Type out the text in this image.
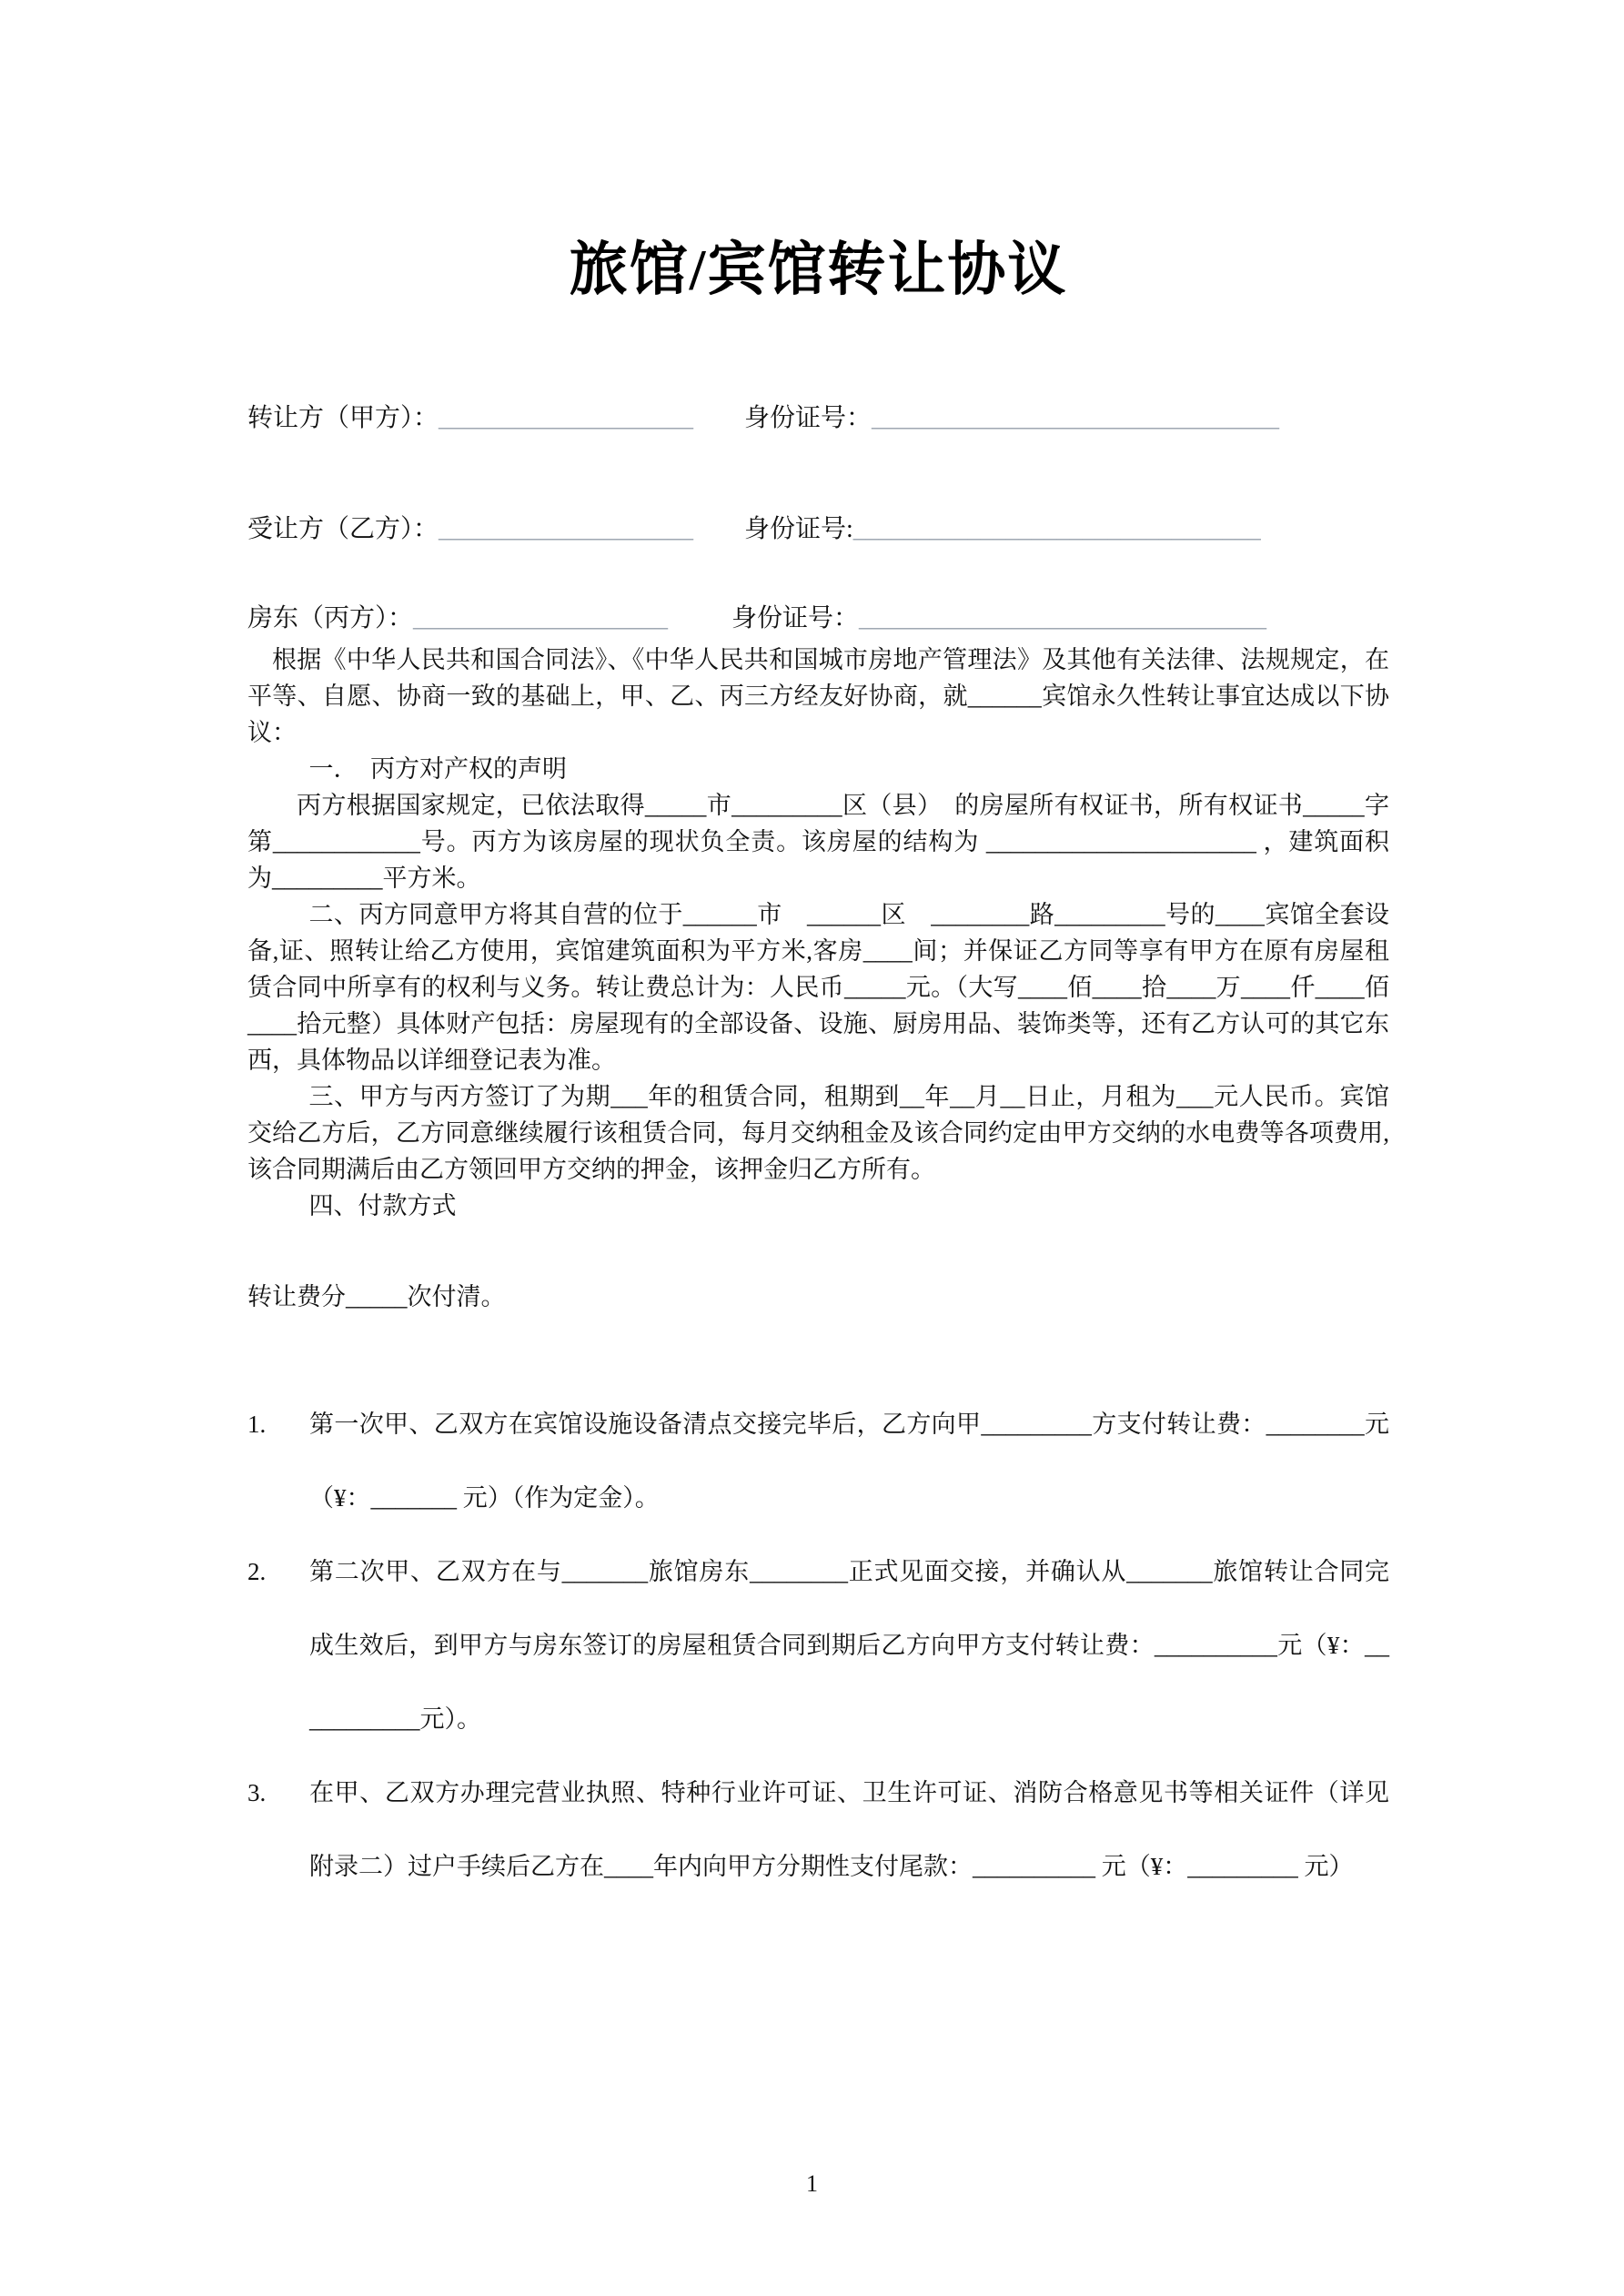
旅馆/宾馆转让协议
转让方（甲方）：____________________ 身份证号：________________________________
受让方（乙方）：____________________ 身份证号:________________________________
房东（丙方）：____________________	身份证号：________________________________

根据《中华人民共和国合同法》、《中华人民共和国城市房地产管理法》及其他有关法律、法规规定，在平等、自愿、协商一致的基础上，甲、乙、丙三方经友好协商，就______宾馆永久性转让事宜达成以下协议：

一．　丙方对产权的声明

丙方根据国家规定，已依法取得_____市_________区（县）　的房屋所有权证书，所有权证书_____字第____________号。丙方为该房屋的现状负全责。该房屋的结构为 ______________________ ，建筑面积为_________平方米。

二、丙方同意甲方将其自营的位于______市　______区　________路_________号的____宾馆全套设备,证、照转让给乙方使用，宾馆建筑面积为平方米,客房____间；并保证乙方同等享有甲方在原有房屋租赁合同中所享有的权利与义务。转让费总计为：人民币_____元。（大写____佰____拾____万____仟____佰____拾元整）具体财产包括：房屋现有的全部设备、设施、厨房用品、装饰类等，还有乙方认可的其它东西，具体物品以详细登记表为准。

三、甲方与丙方签订了为期___年的租赁合同，租期到__年__月__日止，月租为___元人民币。宾馆交给乙方后，乙方同意继续履行该租赁合同，每月交纳租金及该合同约定由甲方交纳的水电费等各项费用,该合同期满后由乙方领回甲方交纳的押金，该押金归乙方所有。

四、付款方式

转让费分_____次付清。

1.	第一次甲、乙双方在宾馆设施设备清点交接完毕后，乙方向甲_________方支付转让费：________元（¥：_______ 元）（作为定金）。
2.	第二次甲、乙双方在与_______旅馆房东________正式见面交接，并确认从_______旅馆转让合同完成生效后，到甲方与房东签订的房屋租赁合同到期后乙方向甲方支付转让费：__________元（¥：___________元）。
3.	在甲、乙双方办理完营业执照、特种行业许可证、卫生许可证、消防合格意见书等相关证件（详见附录二）过户手续后乙方在____年内向甲方分期性支付尾款：__________ 元（¥：_________ 元）
1
